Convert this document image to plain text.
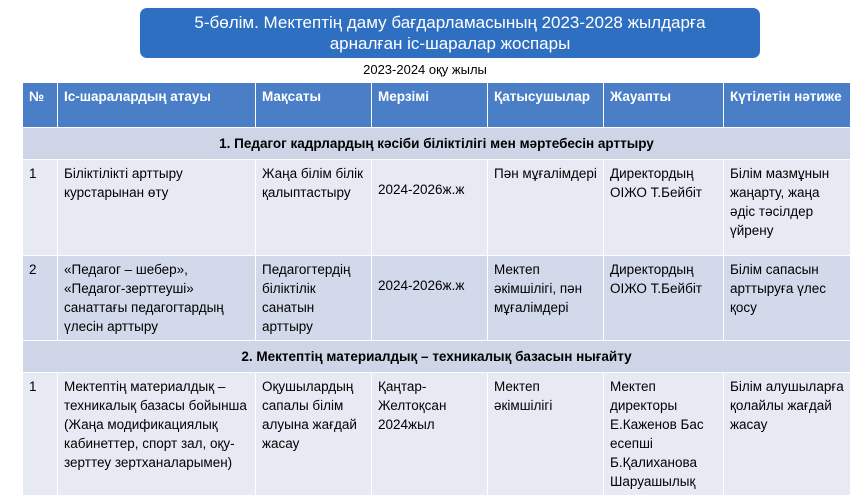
5-бөлім. Мектептің даму бағдарламасының 2023-2028 жылдарға
арналған іс-шаралар жоспары
2023-2024 оқу жылы
№	Іс-шаралардың атауы	Мақсаты	Мерзімі	Қатысушылар	Жауапты	Күтілетін нәтиже
1. Педагог кадрлардың кәсіби біліктілігі мен мәртебесін арттыру						
1	Біліктілікті арттыру курстарынан өту	Жаңа білім білік қалыптастыру	2024-2026ж.ж	Пән мұғалімдері	Директордың ОІЖО Т.Бейбіт	Білім мазмұнын жаңарту, жаңа әдіс тәсілдер үйрену
2	«Педагог – шебер», «Педагог-зерттеуші» санаттағы педагогтардың үлесін арттыру	Педагогтердің біліктілік санатын арттыру	2024-2026ж.ж	Мектеп әкімшілігі, пән мұғалімдері	Директордың ОІЖО Т.Бейбіт	Білім сапасын арттыруға үлес қосу
2. Мектептің материалдық – техникалық базасын нығайту						
1	Мектептің материалдық – техникалық базасы бойынша (Жаңа модификациялық кабинеттер, спорт зал, оқу-зерттеу зертханаларымен)	Оқушылардың сапалы білім алуына жағдай жасау	Қаңтар-Желтоқсан 2024жыл	Мектеп әкімшілігі	Мектеп директоры Е.Каженов Бас есепші Б.Қалиханова Шаруашылық	Білім алушыларға қолайлы жағдай жасау
